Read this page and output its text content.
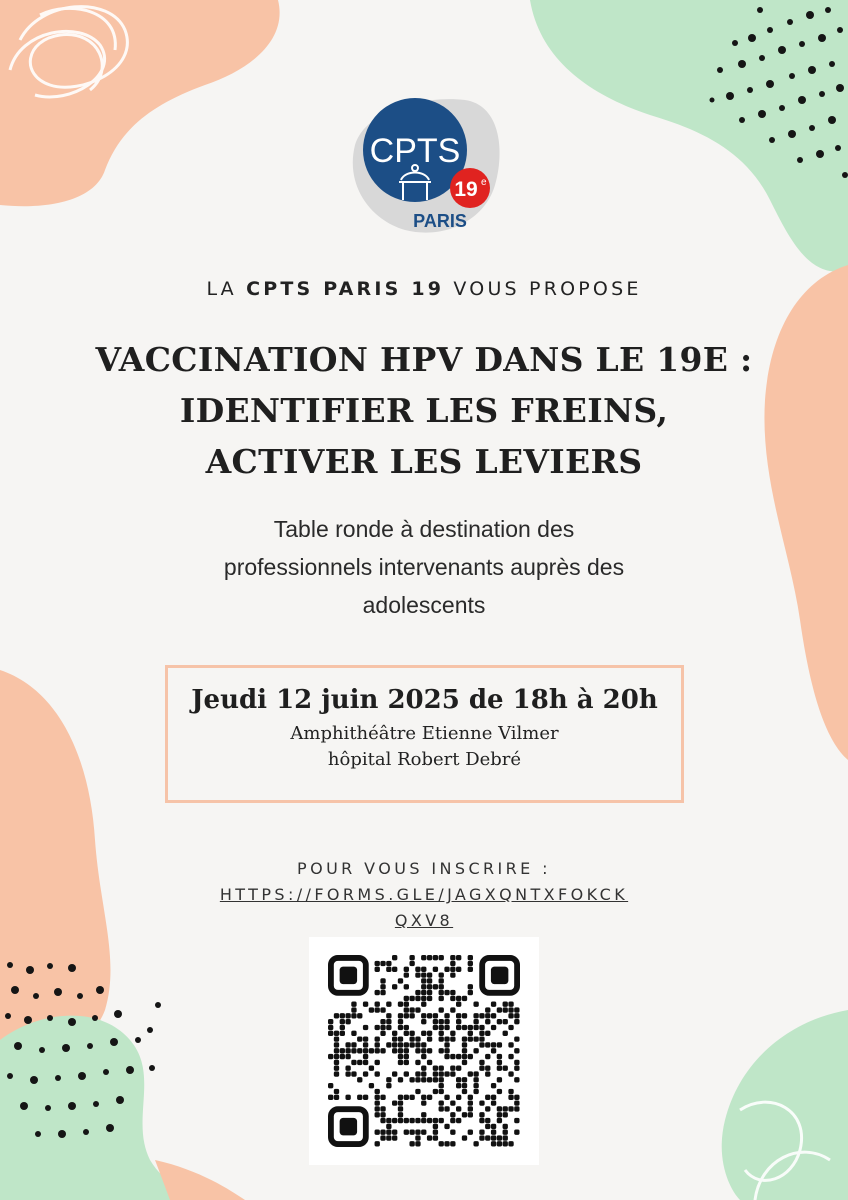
CPTS
19 e
PARIS
LA CPTS PARIS 19 VOUS PROPOSE
VACCINATION HPV DANS LE 19E :
IDENTIFIER LES FREINS,
ACTIVER LES LEVIERS
Table ronde à destination des
professionnels intervenants auprès des
adolescents
Jeudi 12 juin 2025 de 18h à 20h
Amphithéâtre Etienne Vilmer
hôpital Robert Debré
POUR VOUS INSCRIRE :
HTTPS://FORMS.GLE/JAGXQNTXFOKCK
QXV8
